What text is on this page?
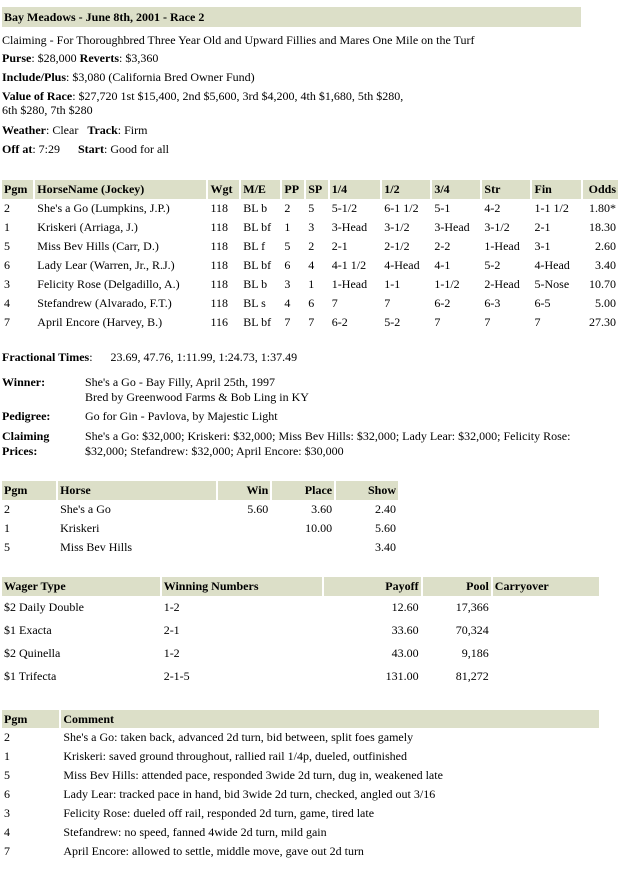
Bay Meadows - June 8th, 2001 - Race 2

Claiming - For Thoroughbred Three Year Old and Upward Fillies and Mares One Mile on the Turf

Purse: $28,000 Reverts: $3,360

Include/Plus: $3,080 (California Bred Owner Fund)

Value of Race: $27,720 1st $15,400, 2nd $5,600, 3rd $4,200, 4th $1,680, 5th $280,
6th $280, 7th $280

Weather: Clear Track: Firm

Off at: 7:29 Start: Good for all

Pgm	HorseName (Jockey)	Wgt	M/E	PP	SP	1/4	1/2	3/4	Str	Fin	Odds
2	She's a Go (Lumpkins, J.P.)	118	BL b	2	5	5-1/2	6-1 1/2	5-1	4-2	1-1 1/2	1.80*
1	Kriskeri (Arriaga, J.)	118	BL bf	1	3	3-Head	3-1/2	3-Head	3-1/2	2-1	18.30
5	Miss Bev Hills (Carr, D.)	118	BL f	5	2	2-1	2-1/2	2-2	1-Head	3-1	2.60
6	Lady Lear (Warren, Jr., R.J.)	118	BL bf	6	4	4-1 1/2	4-Head	4-1	5-2	4-Head	3.40
3	Felicity Rose (Delgadillo, A.)	118	BL b	3	1	1-Head	1-1	1-1/2	2-Head	5-Nose	10.70
4	Stefandrew (Alvarado, F.T.)	118	BL s	4	6	7	7	6-2	6-3	6-5	5.00
7	April Encore (Harvey, B.)	116	BL bf	7	7	6-2	5-2	7	7	7	27.30

Fractional Times:      23.69, 47.76, 1:11.99, 1:24.73, 1:37.49
Winner:	She's a Go - Bay Filly, April 25th, 1997
Bred by Greenwood Farms & Bob Ling in KY
Pedigree:	Go for Gin - Pavlova, by Majestic Light
Claiming
Prices:
She's a Go: $32,000; Kriskeri: $32,000; Miss Bev Hills: $32,000; Lady Lear: $32,000; Felicity Rose:
$32,000; Stefandrew: $32,000; April Encore: $30,000
Pgm	Horse	Win	Place	Show
2	She's a Go	5.60	3.60	2.40
1	Kriskeri		10.00	5.60
5	Miss Bev Hills			3.40
Wager Type	Winning Numbers	Payoff	Pool	Carryover
$2 Daily Double	1-2	12.60	17,366	
$1 Exacta	2-1	33.60	70,324	
$2 Quinella	1-2	43.00	9,186	
$1 Trifecta	2-1-5	131.00	81,272	
Pgm	Comment
2	She's a Go: taken back, advanced 2d turn, bid between, split foes gamely
1	Kriskeri: saved ground throughout, rallied rail 1/4p, dueled, outfinished
5	Miss Bev Hills: attended pace, responded 3wide 2d turn, dug in, weakened late
6	Lady Lear: tracked pace in hand, bid 3wide 2d turn, checked, angled out 3/16
3	Felicity Rose: dueled off rail, responded 2d turn, game, tired late
4	Stefandrew: no speed, fanned 4wide 2d turn, mild gain
7	April Encore: allowed to settle, middle move, gave out 2d turn
